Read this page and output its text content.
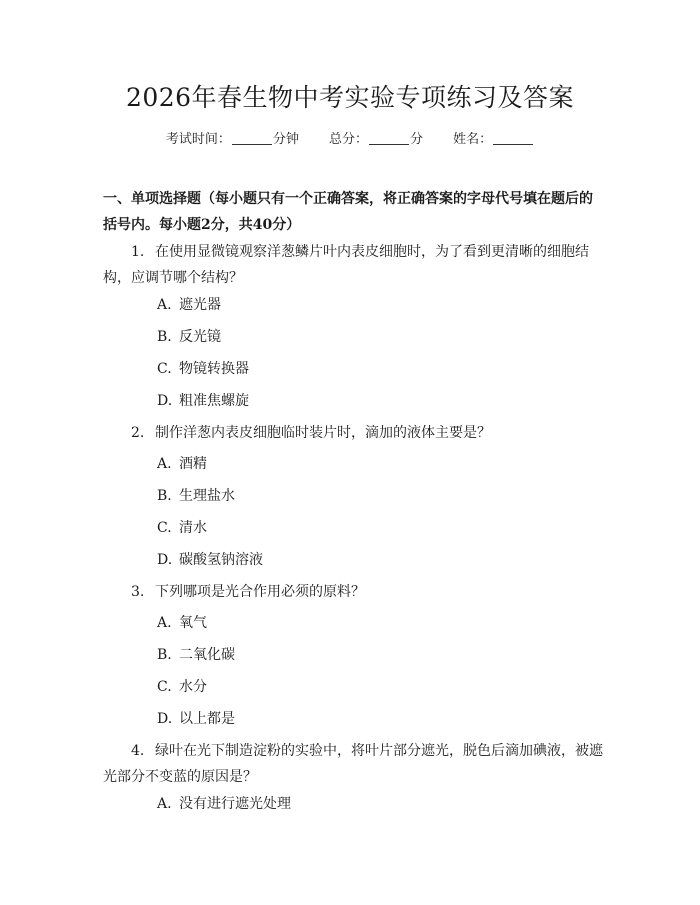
2026年春生物中考实验专项练习及答案
考试时间：	分钟 总分：	分 姓名：
一、单项选择题（每小题只有一个正确答案，将正确答案的字母代号填在题后的
括号内。每小题2分，共40分）
1. 在使用显微镜观察洋葱鳞片叶内表皮细胞时，为了看到更清晰的细胞结
构，应调节哪个结构？
A. 遮光器
B. 反光镜
C. 物镜转换器
D. 粗准焦螺旋
2. 制作洋葱内表皮细胞临时装片时，滴加的液体主要是？
A. 酒精
B. 生理盐水
C. 清水
D. 碳酸氢钠溶液
3. 下列哪项是光合作用必须的原料？
A. 氧气
B. 二氧化碳
C. 水分
D. 以上都是
4. 绿叶在光下制造淀粉的实验中，将叶片部分遮光，脱色后滴加碘液，被遮
光部分不变蓝的原因是？
A. 没有进行遮光处理
